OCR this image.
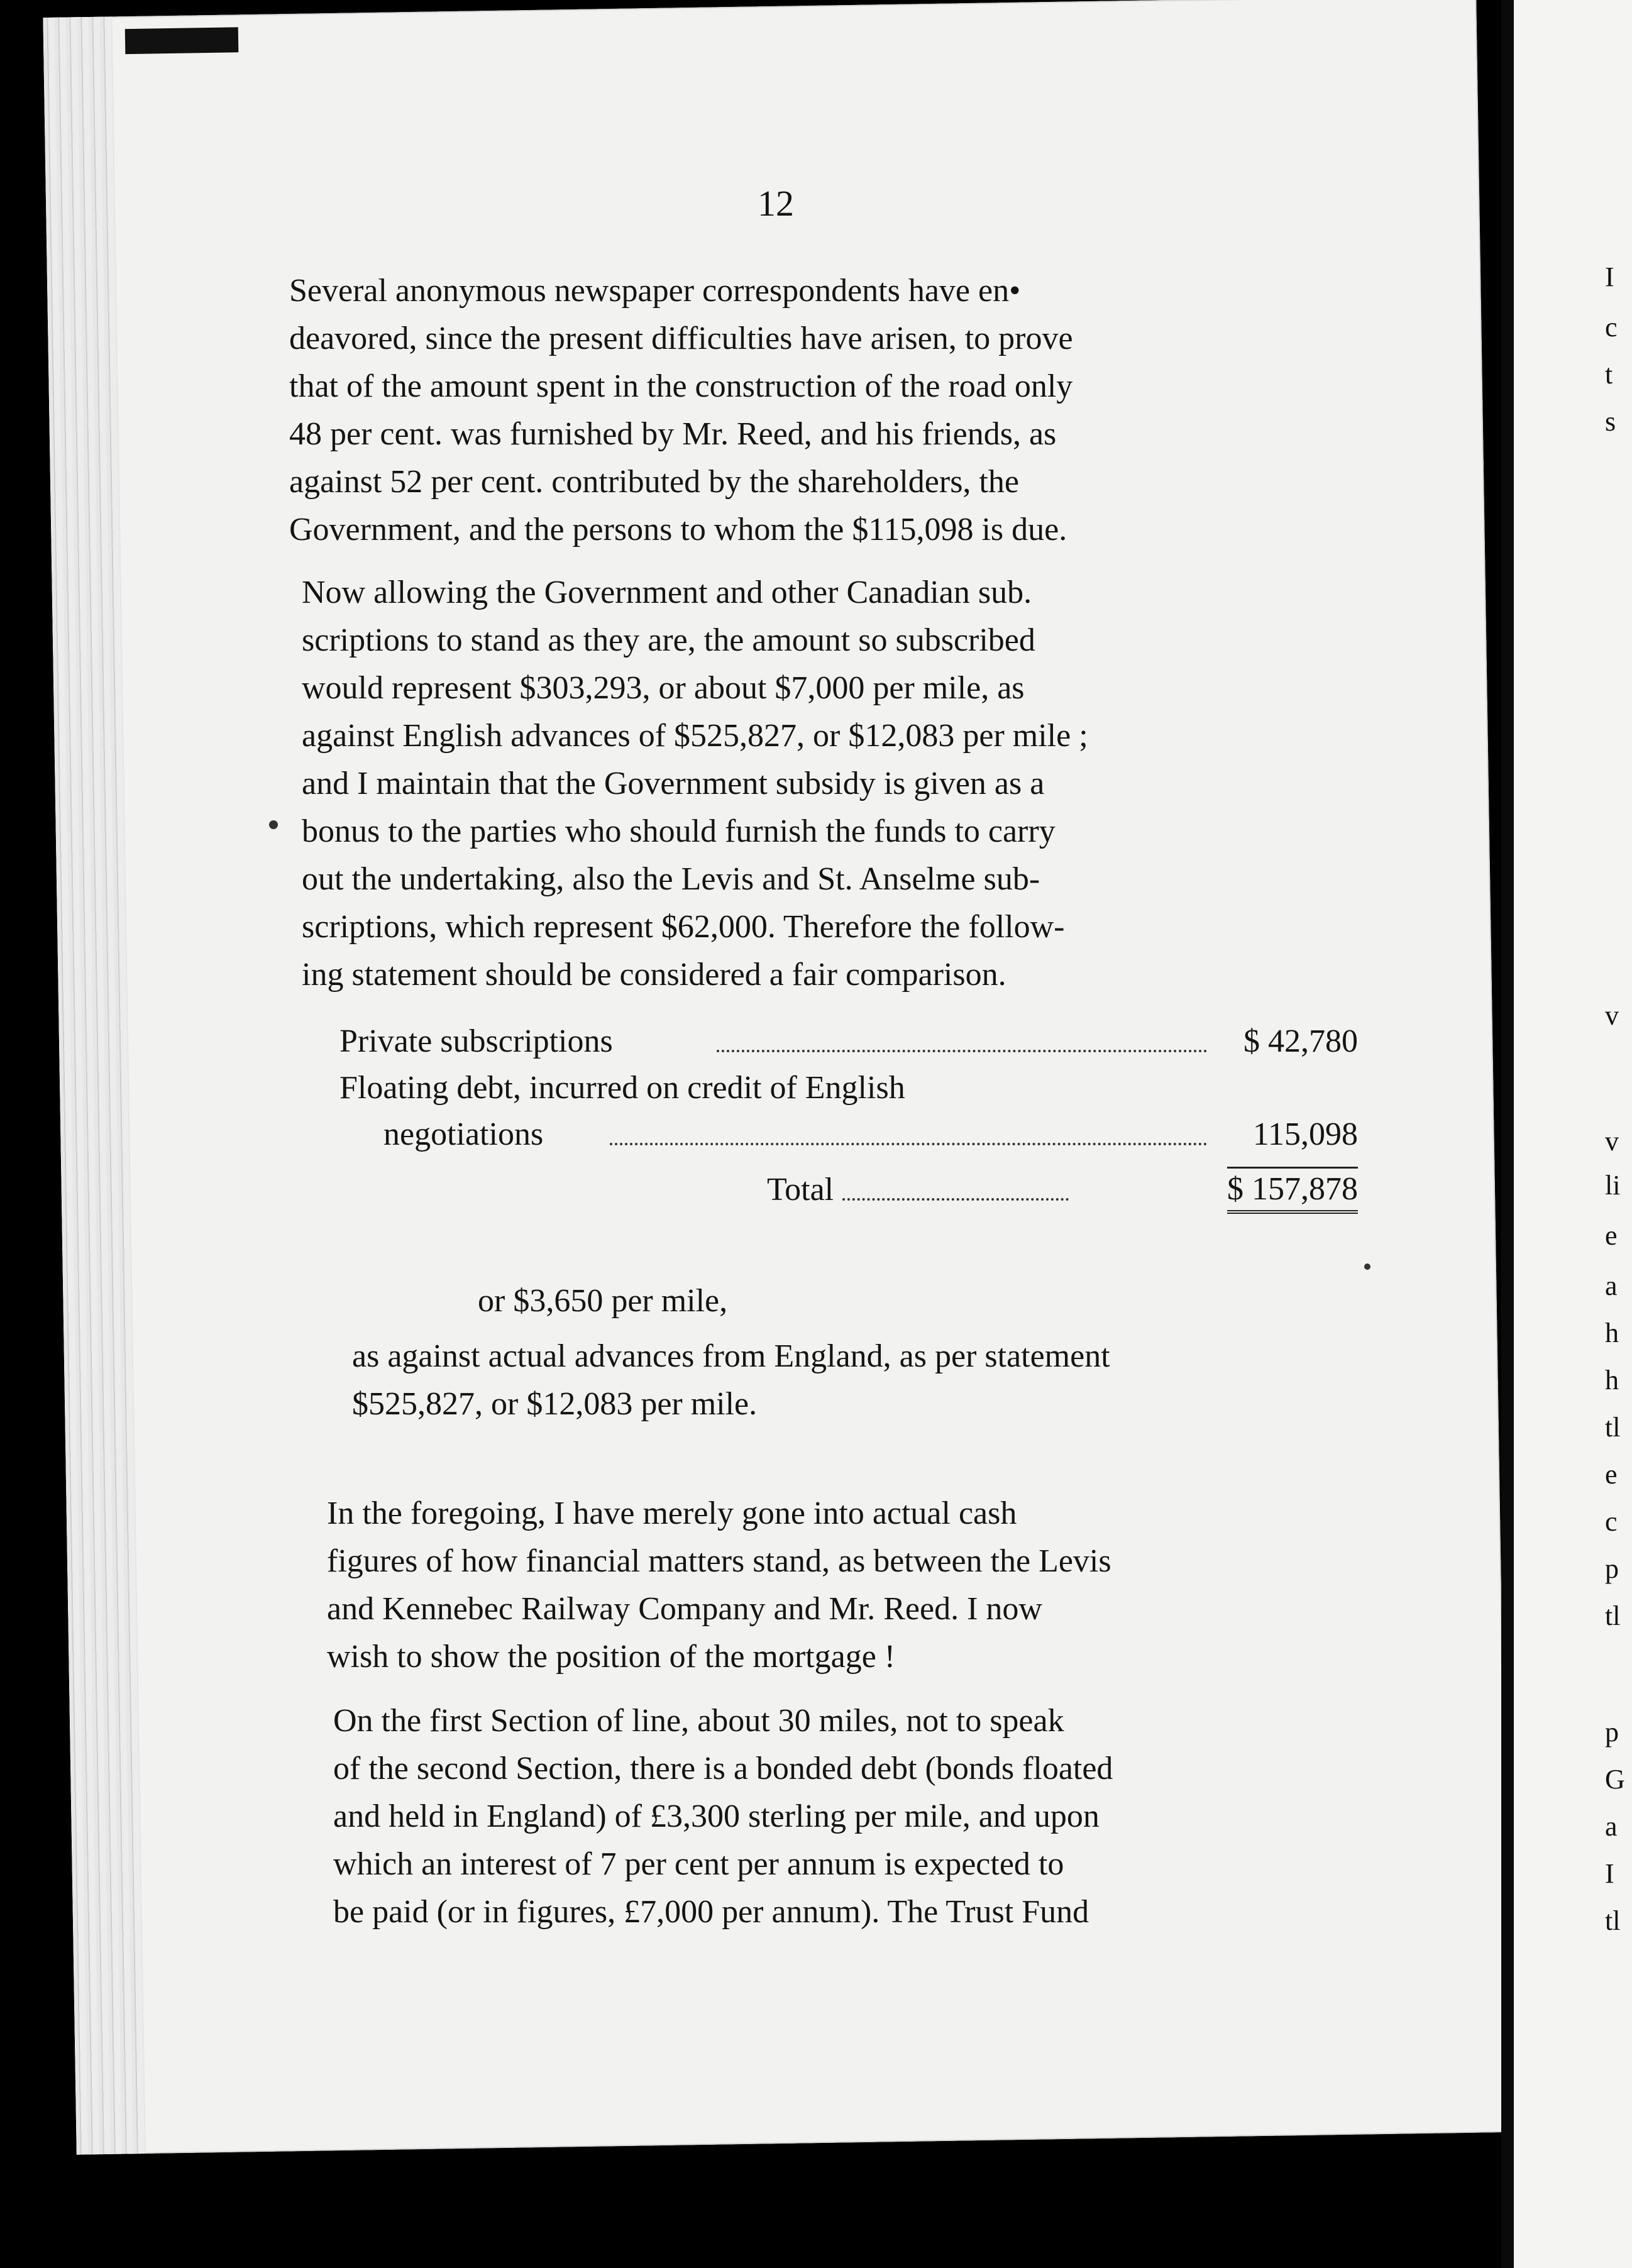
I
c
t
s
v
v
li
e
a
h
h
tl
e
c
p
tl
p
G
a
I
tl
12
Several anonymous newspaper correspondents have en•
deavored, since the present difficulties have arisen, to prove
that of the amount spent in the construction of the road only
48 per cent. was furnished by Mr. Reed, and his friends, as
against 52 per cent. contributed by the shareholders, the
Government, and the persons to whom the $115,098 is due.
Now allowing the Government and other Canadian sub.
scriptions to stand as they are, the amount so subscribed
would represent $303,293, or about $7,000 per mile, as
against English advances of $525,827, or $12,083 per mile ;
and I maintain that the Government subsidy is given as a
bonus to the parties who should furnish the funds to carry
out the undertaking, also the Levis and St. Anselme sub-
scriptions, which represent $62,000. Therefore the follow-
ing statement should be considered a fair comparison.
Private subscriptions	$ 42,780
Floating debt, incurred on credit of English
negotiations	115,098
Total	$ 157,878
or $3,650 per mile,
as against actual advances from England, as per statement
$525,827, or $12,083 per mile.
In the foregoing, I have merely gone into actual cash
figures of how financial matters stand, as between the Levis
and Kennebec Railway Company and Mr. Reed. I now
wish to show the position of the mortgage !
On the first Section of line, about 30 miles, not to speak
of the second Section, there is a bonded debt (bonds floated
and held in England) of £3,300 sterling per mile, and upon
which an interest of 7 per cent per annum is expected to
be paid (or in figures, £7,000 per annum). The Trust Fund
